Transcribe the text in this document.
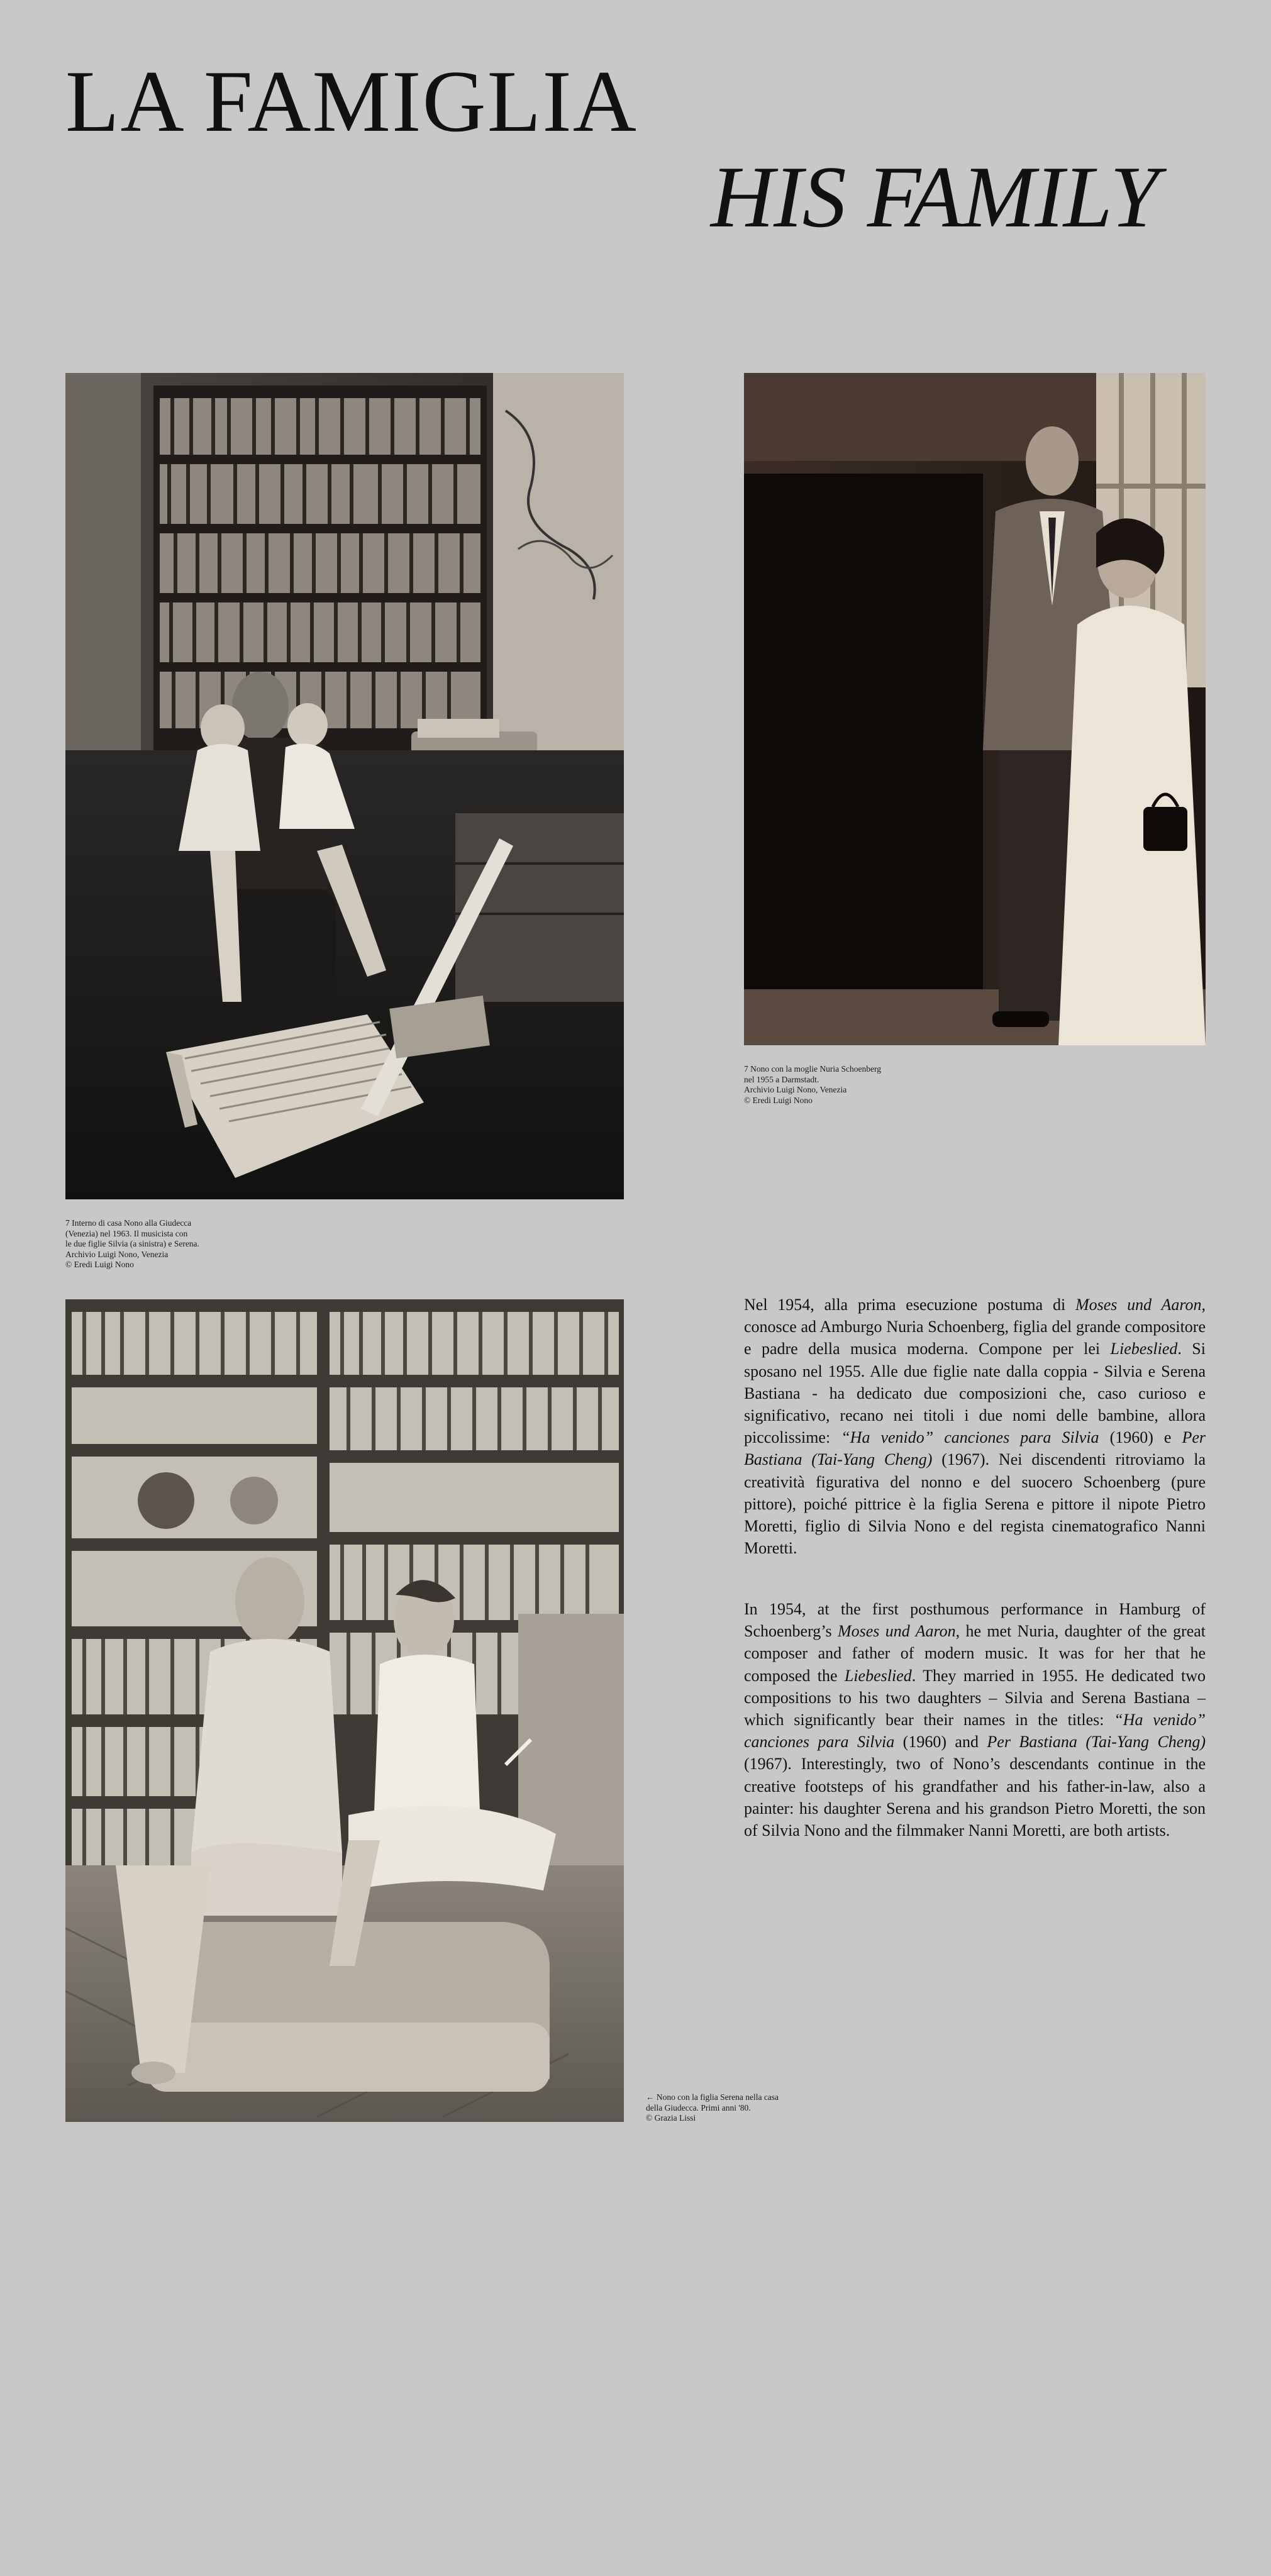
LA FAMIGLIA
HIS FAMILY
7 Interno di casa Nono alla Giudecca
(Venezia) nel 1963. Il musicista con
le due figlie Silvia (a sinistra) e Serena.
Archivio Luigi Nono, Venezia
© Eredi Luigi Nono
7 Nono con la moglie Nuria Schoenberg
nel 1955 a Darmstadt.
Archivio Luigi Nono, Venezia
© Eredi Luigi Nono
← Nono con la figlia Serena nella casa
della Giudecca. Primi anni '80.
© Grazia Lissi

Nel 1954, alla prima esecuzione postuma di Moses und Aaron, conosce ad Amburgo Nuria Schoenberg, figlia del grande compositore e padre della musica moderna. Compone per lei Liebeslied. Si sposano nel 1955. Alle due figlie nate dalla coppia - Silvia e Serena Bastiana - ha dedicato due composizioni che, caso curioso e significativo, recano nei titoli i due nomi delle bambine, allora piccolissime: “Ha venido” canciones para Silvia (1960) e Per Bastiana (Tai-Yang Cheng) (1967). Nei discendenti ritroviamo la creatività figurativa del nonno e del suocero Schoenberg (pure pittore), poiché pittrice è la figlia Serena e pittore il nipote Pietro Moretti, figlio di Silvia Nono e del regista cinematografico Nanni Moretti.

In 1954, at the first posthumous performance in Hamburg of Schoenberg’s Moses und Aaron, he met Nuria, daughter of the great composer and father of modern music. It was for her that he composed the Liebeslied. They married in 1955. He dedicated two compositions to his two daughters – Silvia and Serena Bastiana – which significantly bear their names in the titles: “Ha venido” canciones para Silvia (1960) and Per Bastiana (Tai-Yang Cheng) (1967). Interestingly, two of Nono’s descendants continue in the creative footsteps of his grandfather and his father-in-law, also a painter: his daughter Serena and his grandson Pietro Moretti, the son of Silvia Nono and the filmmaker Nanni Moretti, are both artists.
